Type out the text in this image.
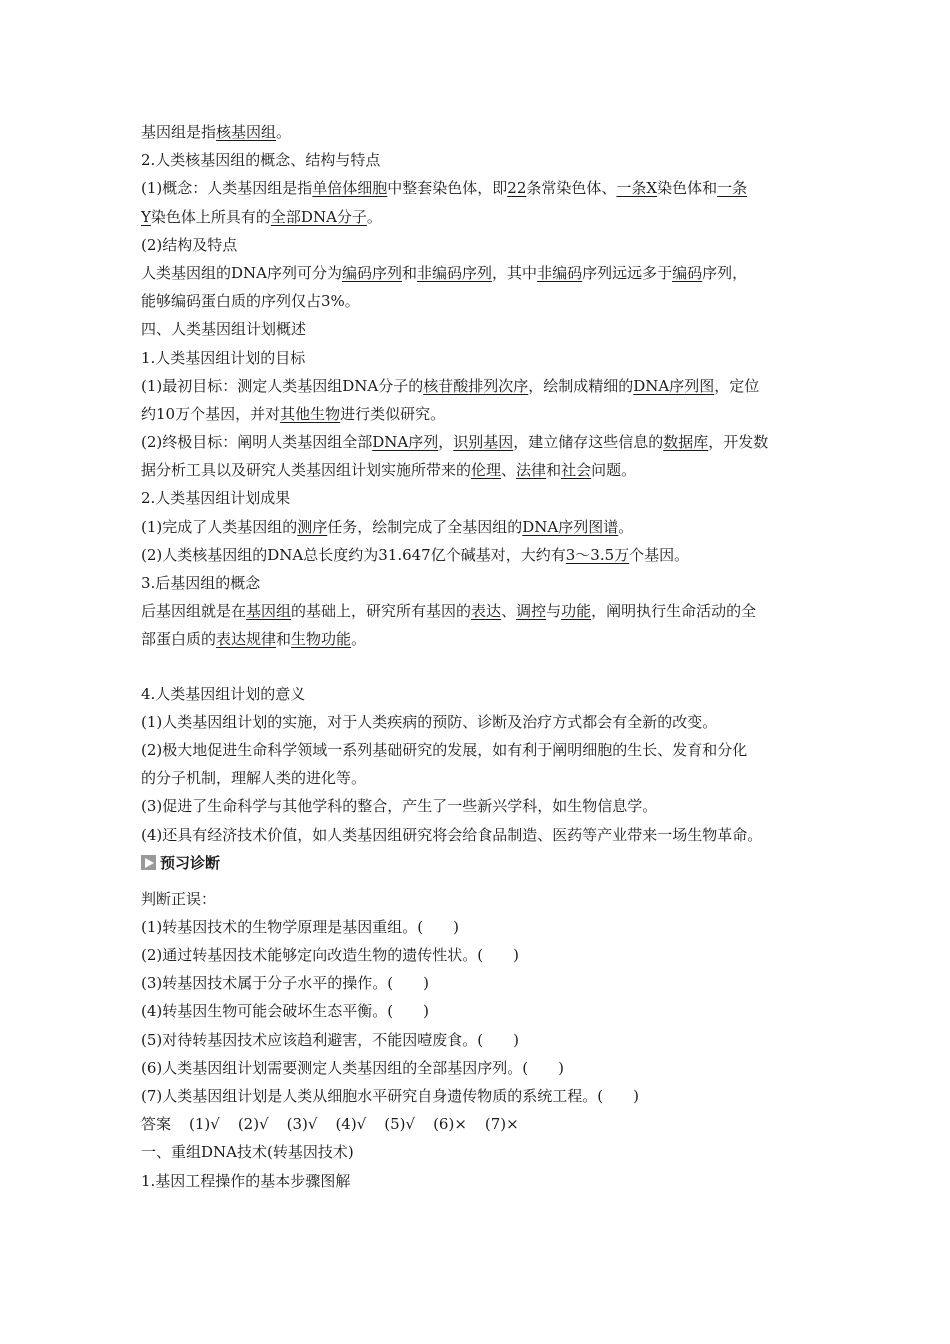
基因组是指核基因组。
2.人类核基因组的概念、结构与特点
(1)概念：人类基因组是指单倍体细胞中整套染色体，即22条常染色体、一条X染色体和一条
Y染色体上所具有的全部DNA分子。
(2)结构及特点
人类基因组的DNA序列可分为编码序列和非编码序列，其中非编码序列远远多于编码序列，
能够编码蛋白质的序列仅占3%。
四、人类基因组计划概述
1.人类基因组计划的目标
(1)最初目标：测定人类基因组DNA分子的核苷酸排列次序，绘制成精细的DNA序列图，定位
约10万个基因，并对其他生物进行类似研究。
(2)终极目标：阐明人类基因组全部DNA序列，识别基因，建立储存这些信息的数据库，开发数
据分析工具以及研究人类基因组计划实施所带来的伦理、法律和社会问题。
2.人类基因组计划成果
(1)完成了人类基因组的测序任务，绘制完成了全基因组的DNA序列图谱。
(2)人类核基因组的DNA总长度约为31.647亿个碱基对，大约有3～3.5万个基因。
3.后基因组的概念
后基因组就是在基因组的基础上，研究所有基因的表达、调控与功能，阐明执行生命活动的全
部蛋白质的表达规律和生物功能。
4.人类基因组计划的意义
(1)人类基因组计划的实施，对于人类疾病的预防、诊断及治疗方式都会有全新的改变。
(2)极大地促进生命科学领域一系列基础研究的发展，如有利于阐明细胞的生长、发育和分化
的分子机制，理解人类的进化等。
(3)促进了生命科学与其他学科的整合，产生了一些新兴学科，如生物信息学。
(4)还具有经济技术价值，如人类基因组研究将会给食品制造、医药等产业带来一场生物革命。
预习诊断
判断正误：
(1)转基因技术的生物学原理是基因重组。(　　)
(2)通过转基因技术能够定向改造生物的遗传性状。(　　)
(3)转基因技术属于分子水平的操作。(　　)
(4)转基因生物可能会破坏生态平衡。(　　)
(5)对待转基因技术应该趋利避害，不能因噎废食。(　　)
(6)人类基因组计划需要测定人类基因组的全部基因序列。(　　)
(7)人类基因组计划是人类从细胞水平研究自身遗传物质的系统工程。(　　)
答案 (1)√ (2)√ (3)√ (4)√ (5)√ (6)× (7)×
一、重组DNA技术(转基因技术)
1.基因工程操作的基本步骤图解
